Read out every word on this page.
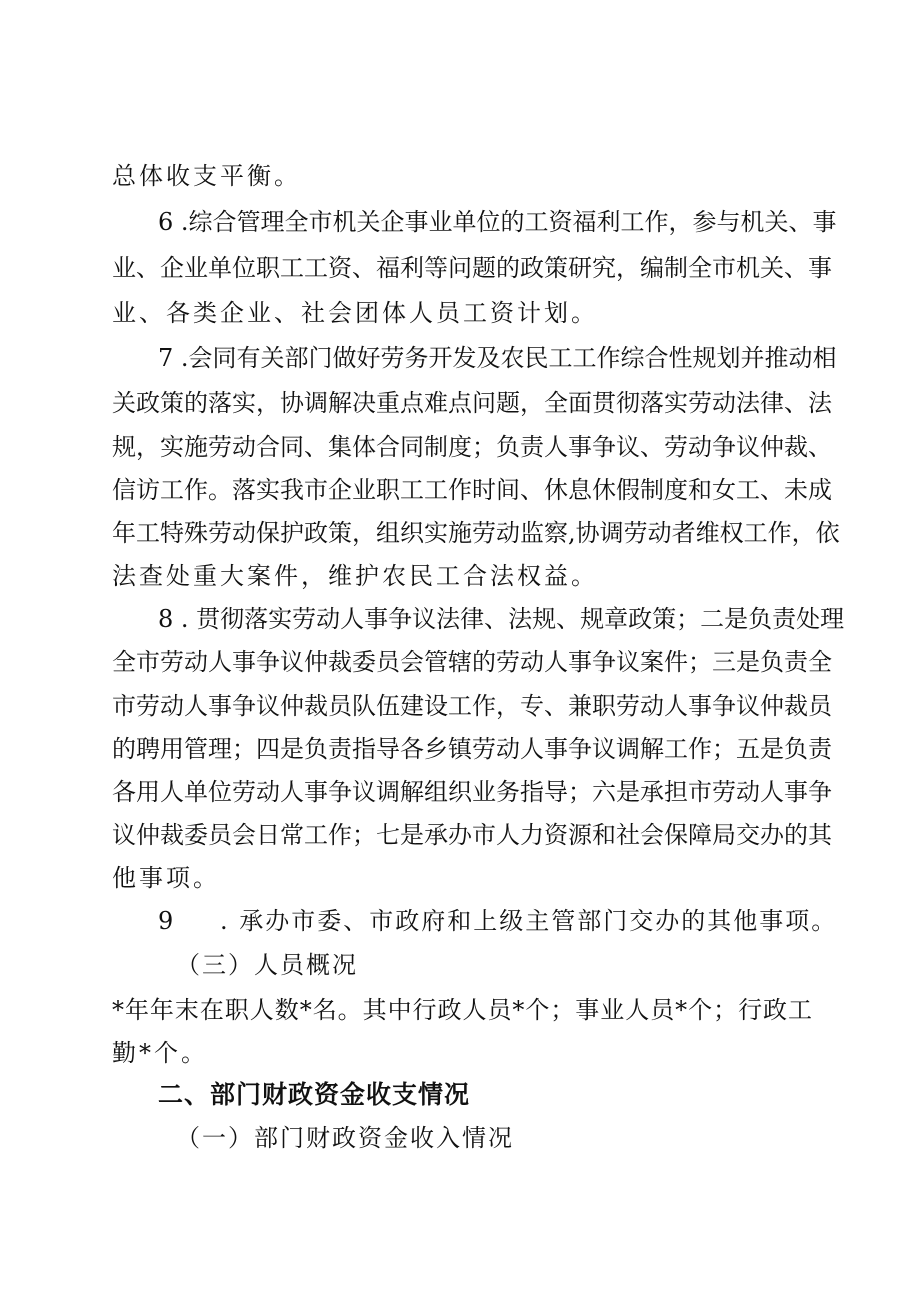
总体收支平衡。

6 .综合管理全市机关企事业单位的工资福利工作，参与机关、事

业、企业单位职工工资、福利等问题的政策研究，编制全市机关、事

业、各类企业、社会团体人员工资计划。

7 .会同有关部门做好劳务开发及农民工工作综合性规划并推动相

关政策的落实，协调解决重点难点问题，全面贯彻落实劳动法律、法

规，实施劳动合同、集体合同制度；负责人事争议、劳动争议仲裁、

信访工作。落实我市企业职工工作时间、休息休假制度和女工、未成

年工特殊劳动保护政策，组织实施劳动监察,协调劳动者维权工作，依

法查处重大案件，维护农民工合法权益。

8 . 贯彻落实劳动人事争议法律、法规、规章政策；二是负责处理

全市劳动人事争议仲裁委员会管辖的劳动人事争议案件；三是负责全

市劳动人事争议仲裁员队伍建设工作，专、兼职劳动人事争议仲裁员

的聘用管理；四是负责指导各乡镇劳动人事争议调解工作；五是负责

各用人单位劳动人事争议调解组织业务指导；六是承担市劳动人事争

议仲裁委员会日常工作；七是承办市人力资源和社会保障局交办的其

他事项。

9 . 承办市委、市政府和上级主管部门交办的其他事项。

（三）人员概况

*年年末在职人数*名。其中行政人员*个；事业人员*个；行政工

勤*个。

二、部门财政资金收支情况

（一）部门财政资金收入情况
